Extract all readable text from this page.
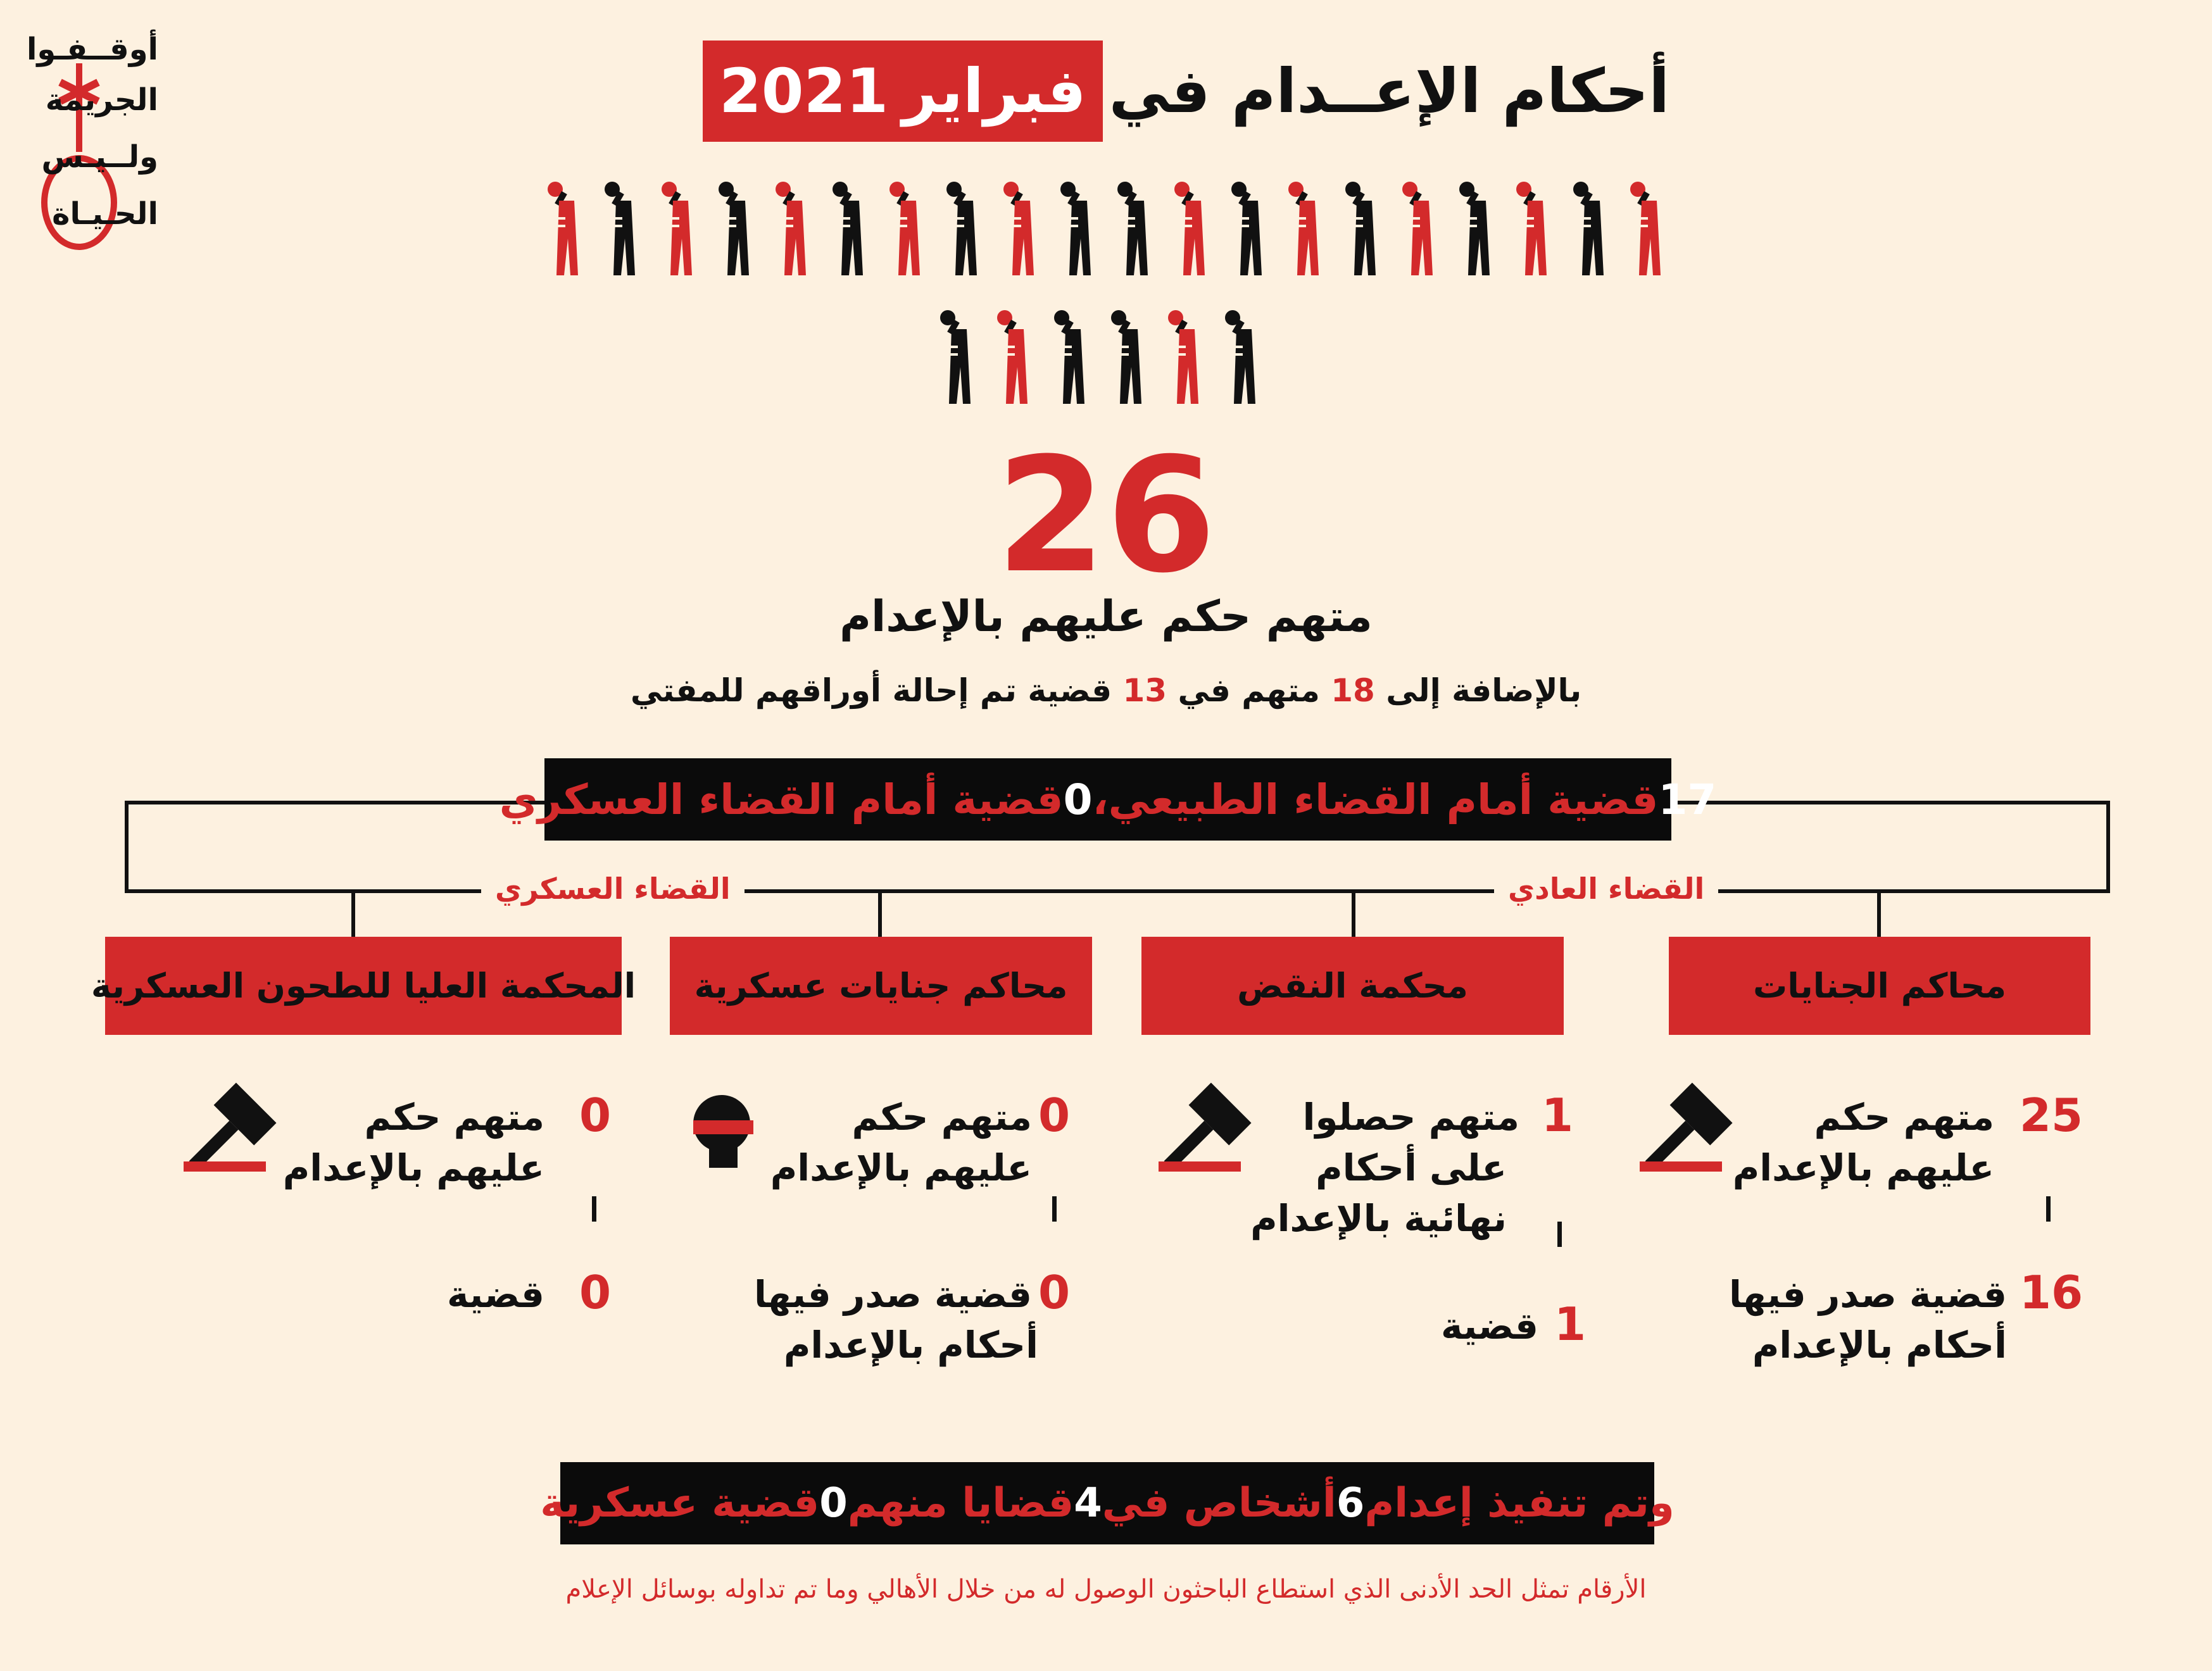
أوقــفـوا
الجريمة
ولــيـس
الحـيـاة
أحكام الإعــدام في
فبراير
2021
26
متهم حكم عليهم بالإعدام
بالإضافة إلى 18 متهم في 13 قضية تم إحالة أوراقهم للمفتي
القضاء العادي
القضاء العسكري
17
قضية أمام القضاء الطبيعي،
0
قضية أمام القضاء العسكري
محاكم الجنايات
محكمة النقض
محاكم جنايات عسكرية
المحكمة العليا للطحون العسكرية
25
متهم حكم
عليهم بالإعدام
16
قضية صدر فيها
أحكام بالإعدام
1
متهم حصلوا
على أحكام
نهائية بالإعدام
1
قضية
0
متهم حكم
عليهم بالإعدام
0
قضية صدر فيها
أحكام بالإعدام
0
متهم حكم
عليهم بالإعدام
0
قضية
وتم تنفيذ إعدام
6
أشخاص في
4
قضايا منهم
0
قضية عسكرية
الأرقام تمثل الحد الأدنى الذي استطاع الباحثون الوصول له من خلال الأهالي وما تم تداوله بوسائل الإعلام
